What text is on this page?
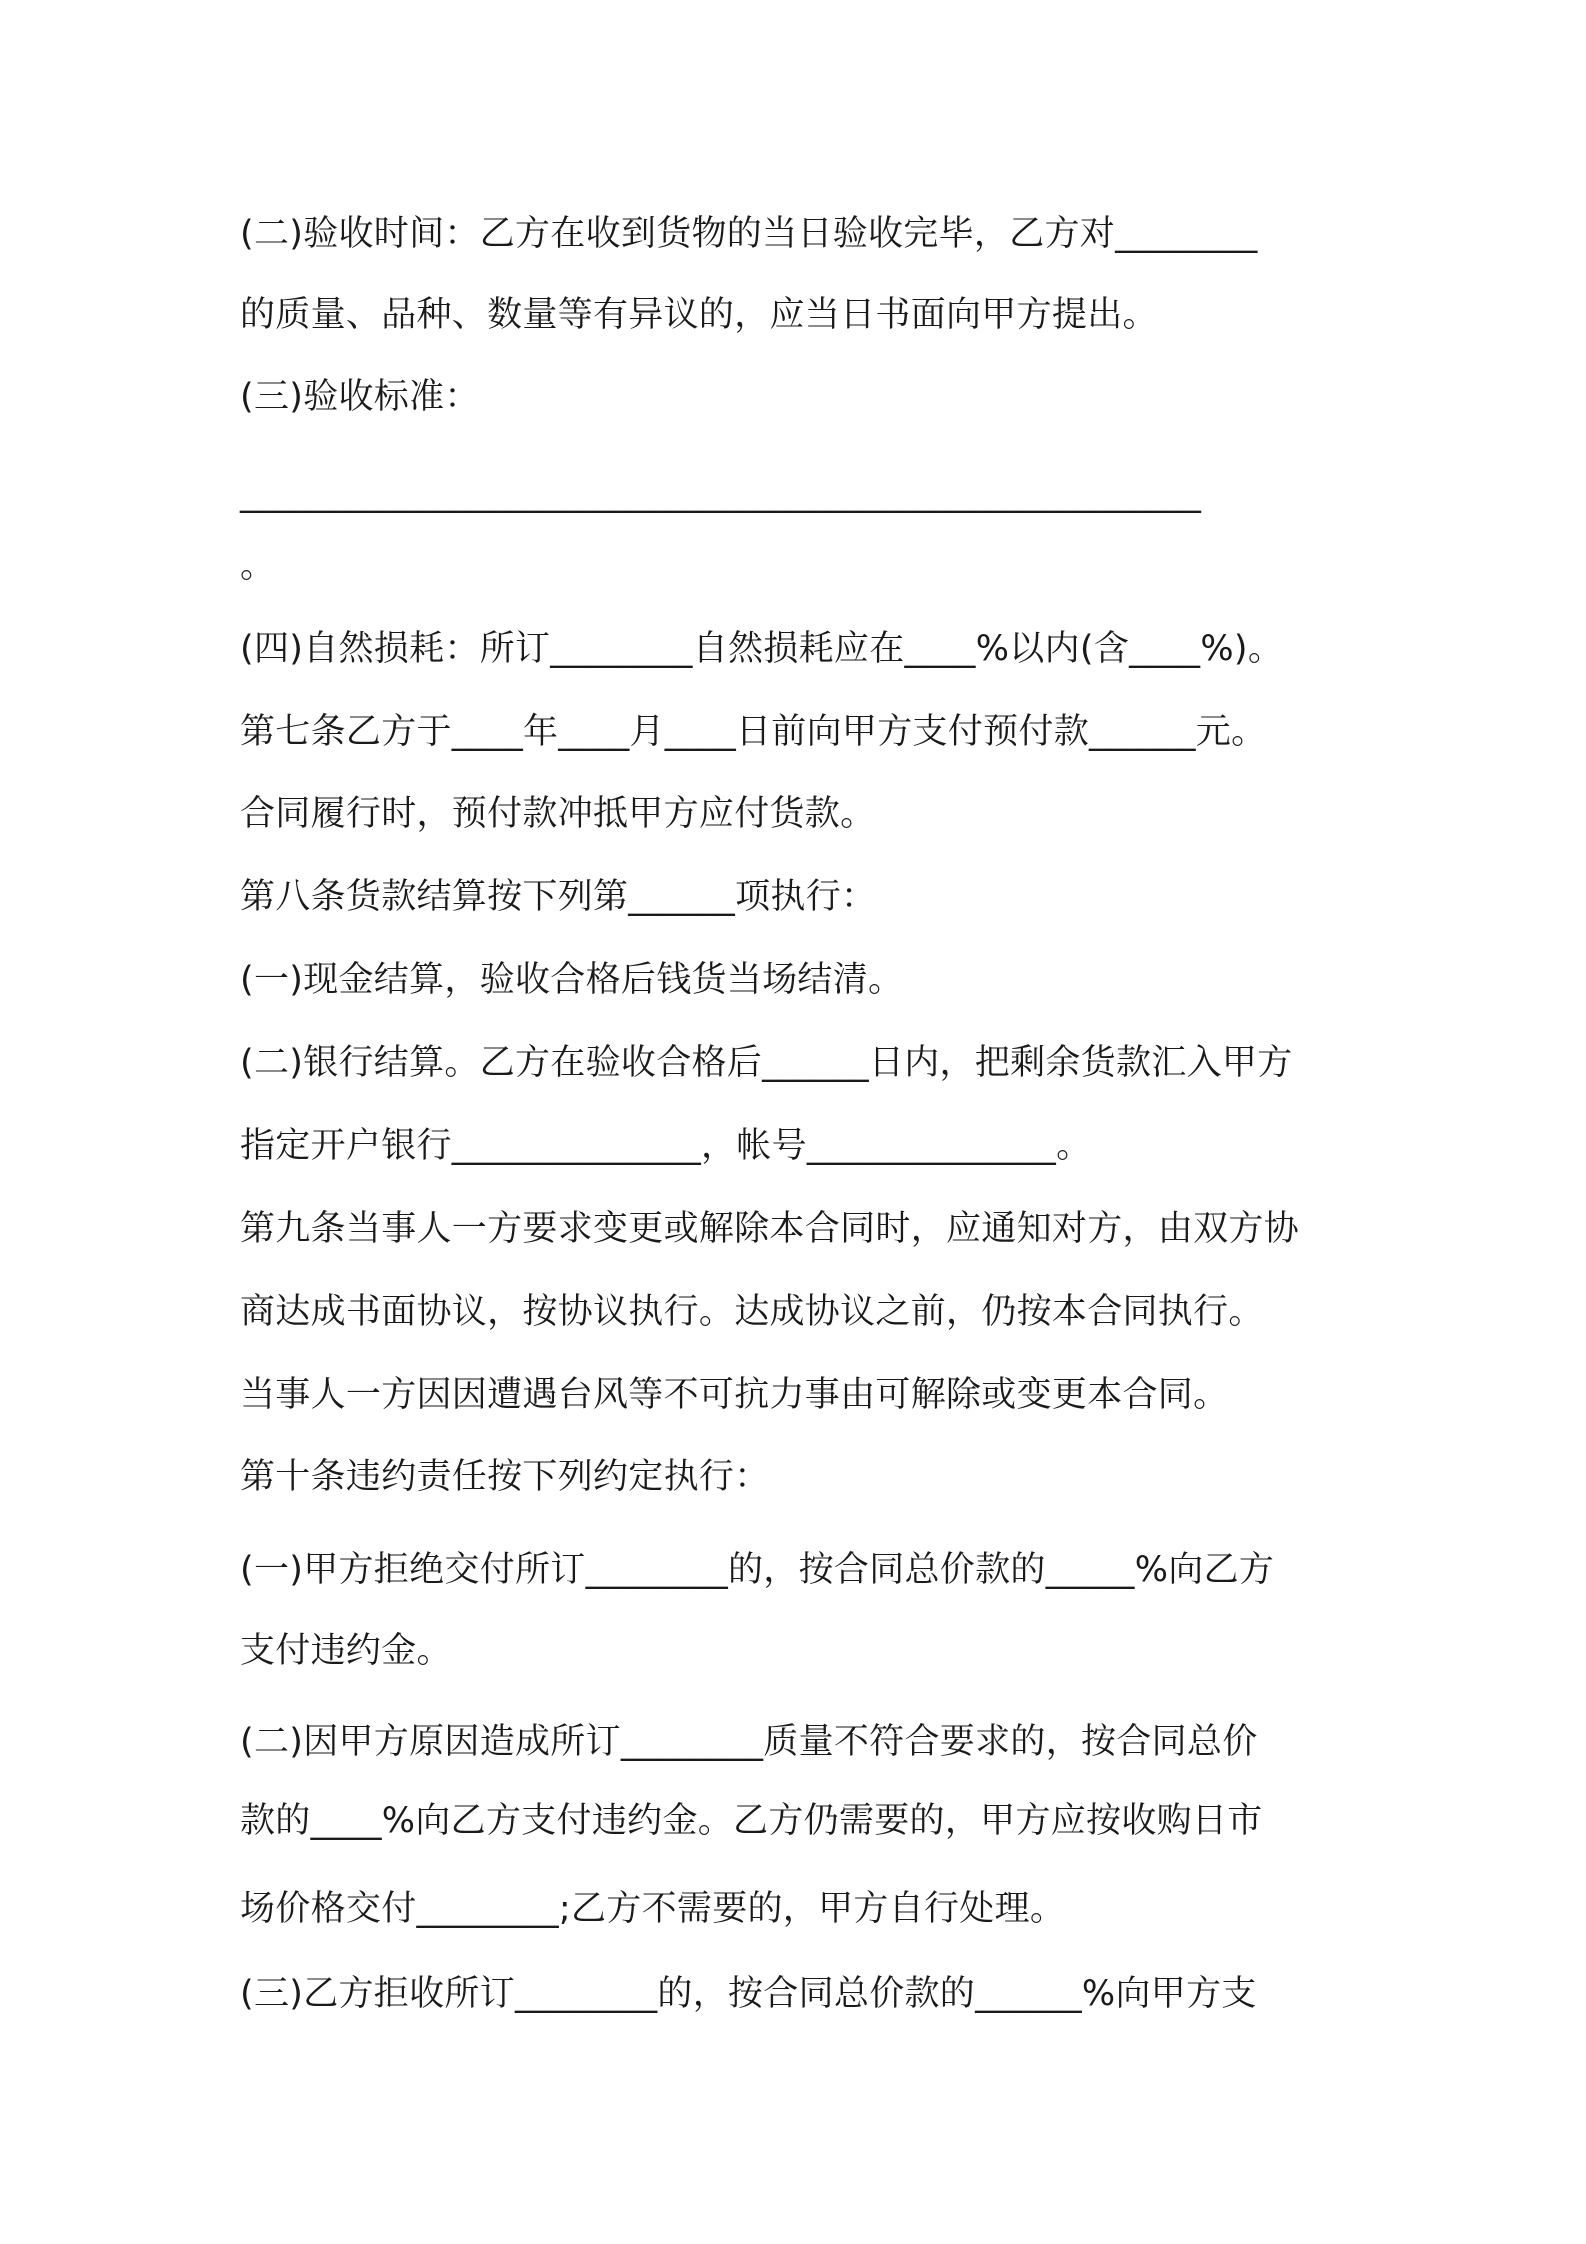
(二)验收时间：乙方在收到货物的当日验收完毕，乙方对________
的质量、品种、数量等有异议的，应当日书面向甲方提出。
(三)验收标准：
______________________________________________________
。
(四)自然损耗：所订________自然损耗应在____%以内(含____%)。
第七条乙方于____年____月____日前向甲方支付预付款______元。
合同履行时，预付款冲抵甲方应付货款。
第八条货款结算按下列第______项执行：
(一)现金结算，验收合格后钱货当场结清。
(二)银行结算。乙方在验收合格后______日内，把剩余货款汇入甲方
指定开户银行______________，帐号______________。
第九条当事人一方要求变更或解除本合同时，应通知对方，由双方协
商达成书面协议，按协议执行。达成协议之前，仍按本合同执行。
当事人一方因因遭遇台风等不可抗力事由可解除或变更本合同。
第十条违约责任按下列约定执行：
(一)甲方拒绝交付所订________的，按合同总价款的_____%向乙方
支付违约金。
(二)因甲方原因造成所订________质量不符合要求的，按合同总价
款的____%向乙方支付违约金。乙方仍需要的，甲方应按收购日市
场价格交付________;乙方不需要的，甲方自行处理。
(三)乙方拒收所订________的，按合同总价款的______%向甲方支
